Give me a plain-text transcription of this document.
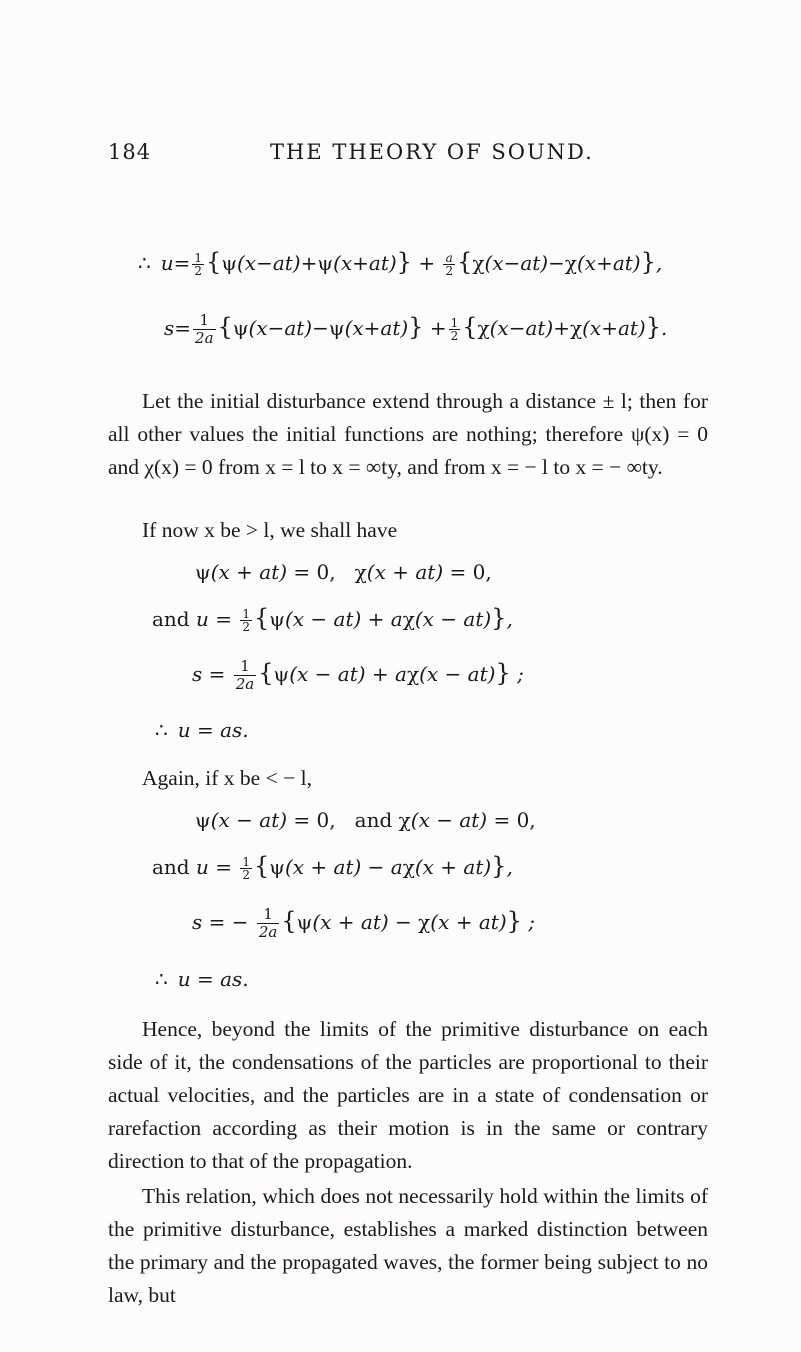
184	THE THEORY OF SOUND.
∴ $u= \frac{1}{2} \{\psi(x-at)+\psi(x+at)\} + \frac{a}{2} \{\chi(x-at)-\chi(x+at)\}$,
$s= \frac{1}{2a} \{\psi(x-at)-\psi(x+at)\} + \frac{1}{2} \{\chi(x-at)+\chi(x+at)\}$.
Let the initial disturbance extend through a distance ± l; then for all other values the initial functions are nothing; therefore ψ(x) = 0 and χ(x) = 0 from x = l to x = ∞ty, and from x = − l to x = − ∞ty.
If now x be > l, we shall have
ψ(x + at) = 0, χ(x + at) = 0,
and $u = \frac{1}{2} \{\psi(x - at) + a\chi(x - at)\}$,
$s = \frac{1}{2a} \{\psi(x - at) + a\chi(x - at)\}$ ;
∴ u = as.
Again, if x be < − l,
ψ(x − at) = 0, and χ(x − at) = 0,
and $u = \frac{1}{2} \{\psi(x + at) - a\chi(x + at)\}$,
s = − $\frac{1}{2a} \{\psi(x + at) - \chi(x + at)\}$ ;
∴ u = as.
Hence, beyond the limits of the primitive disturbance on each side of it, the condensations of the particles are proportional to their actual velocities, and the particles are in a state of condensation or rarefaction according as their motion is in the same or contrary direction to that of the propagation.
This relation, which does not necessarily hold within the limits of the primitive disturbance, establishes a marked distinction between the primary and the propagated waves, the former being subject to no law, but
